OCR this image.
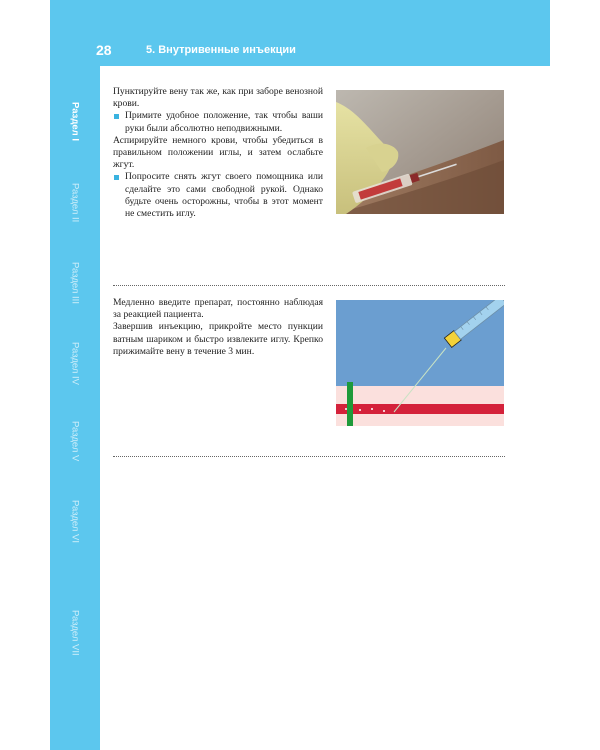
28	5. Внутривенные инъекции
Раздел I
Раздел II
Раздел III
Раздел IV
Раздел V
Раздел VI
Раздел VII

Пунктируйте вену так же, как при заборе венозной крови.

Примите удобное положение, так чтобы ваши руки были абсолютно неподвижными.

Аспирируйте немного крови, чтобы убедиться в правильном положении иглы, и затем ослабьте жгут.

Попросите снять жгут своего помощника или сделайте это сами свободной рукой. Однако будьте очень осторожны, чтобы в этот момент не сместить иглу.

Медленно введите препарат, постоянно наблюдая за реакцией пациента.

Завершив инъекцию, прикройте место пункции ватным шариком и быстро извлеките иглу. Крепко прижимайте вену в течение 3 мин.
